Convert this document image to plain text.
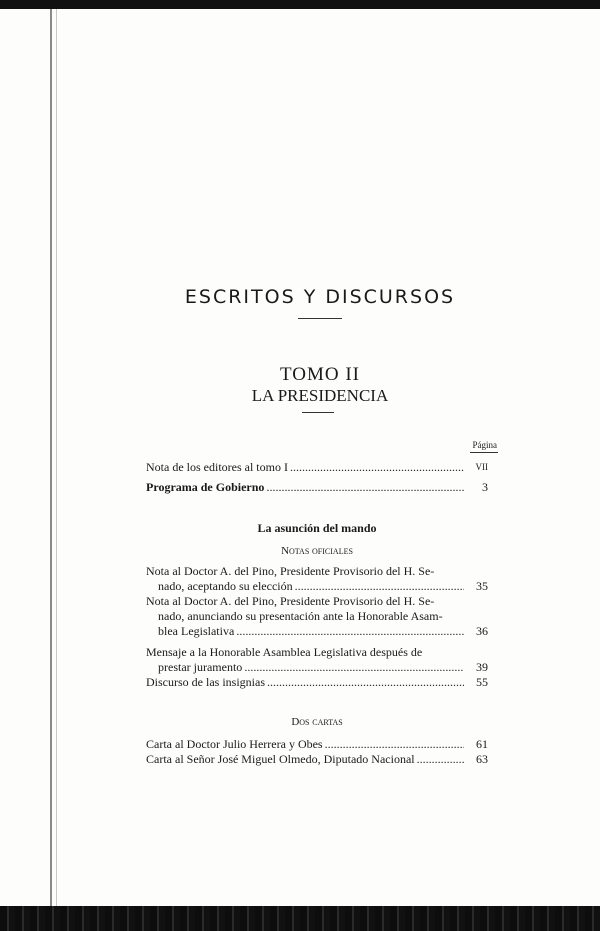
ESCRITOS Y DISCURSOS
TOMO II
LA PRESIDENCIA
Página
Nota de los editores al tomo I . . .	VII
Programa de Gobierno . . .	3
La asunción del mando
Notas oficiales
Nota al Doctor A. del Pino, Presidente Provisorio del H. Se-
nado, aceptando su elección . . .	35
Nota al Doctor A. del Pino, Presidente Provisorio del H. Se-
nado, anunciando su presentación ante la Honorable Asam-
blea Legislativa . . .	36
Mensaje a la Honorable Asamblea Legislativa después de
prestar juramento . . .	39
Discurso de las insignias . . .	55
Dos cartas
Carta al Doctor Julio Herrera y Obes . . .	61
Carta al Señor José Miguel Olmedo, Diputado Nacional . . .	63
